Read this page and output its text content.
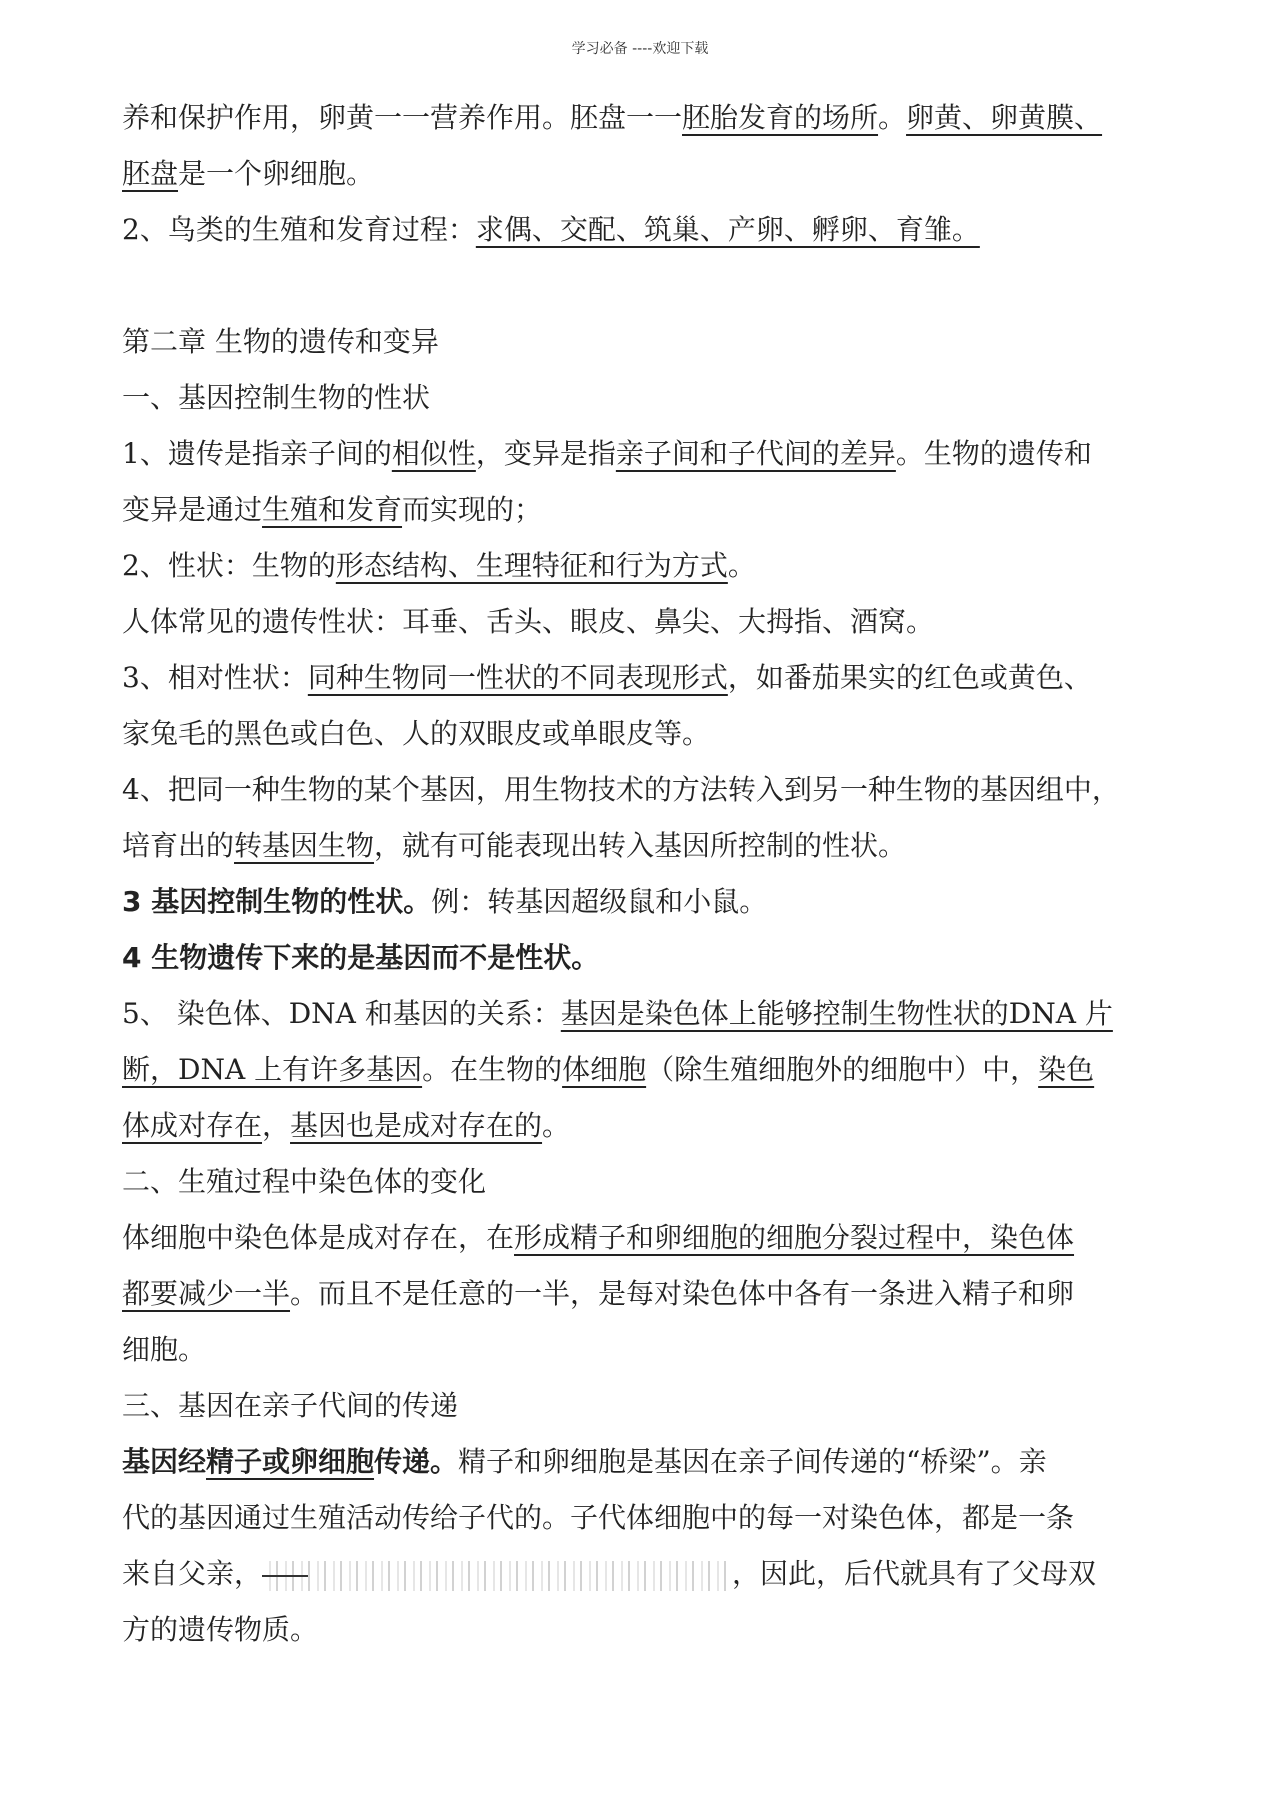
学习必备 ----欢迎下载

养和保护作用，卵黄一一营养作用。胚盘一一胚胎发育的场所。卵黄、卵黄膜、

胚盘是一个卵细胞。

2、鸟类的生殖和发育过程：求偶、交配、筑巢、产卵、孵卵、育雏。

第二章 生物的遗传和变异

一、基因控制生物的性状

1、遗传是指亲子间的相似性，变异是指亲子间和子代间的差异。生物的遗传和

变异是通过生殖和发育而实现的；

2、性状：生物的形态结构、生理特征和行为方式。

人体常见的遗传性状：耳垂、舌头、眼皮、鼻尖、大拇指、酒窝。

3、相对性状：同种生物同一性状的不同表现形式，如番茄果实的红色或黄色、

家兔毛的黑色或白色、人的双眼皮或单眼皮等。

4、把同一种生物的某个基因，用生物技术的方法转入到另一种生物的基因组中，

培育出的转基因生物，就有可能表现出转入基因所控制的性状。

3 基因控制生物的性状。例：转基因超级鼠和小鼠。

4 生物遗传下来的是基因而不是性状。

5、 染色体、DNA 和基因的关系：基因是染色体上能够控制生物性状的DNA 片

断，DNA 上有许多基因。在生物的体细胞（除生殖细胞外的细胞中）中，染色

体成对存在，基因也是成对存在的。

二、生殖过程中染色体的变化

体细胞中染色体是成对存在，在形成精子和卵细胞的细胞分裂过程中，染色体

都要减少一半。而且不是任意的一半，是每对染色体中各有一条进入精子和卵

细胞。

三、基因在亲子代间的传递

基因经精子或卵细胞传递。精子和卵细胞是基因在亲子间传递的“桥梁”。亲

代的基因通过生殖活动传给子代的。子代体细胞中的每一对染色体，都是一条

来自父亲，	，因此，后代就具有了父母双

方的遗传物质。
